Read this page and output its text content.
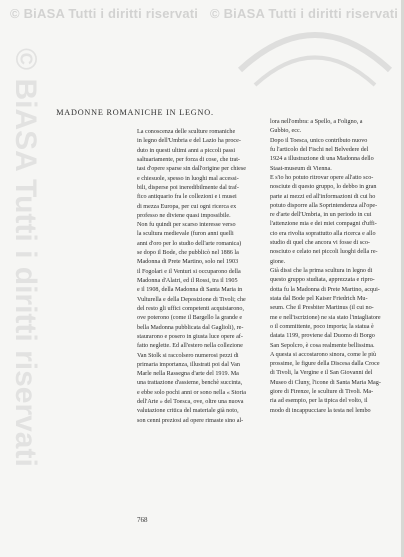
© BiASA Tutti i diritti riservati © BiASA Tutti i diritti riservati
© BiASA Tutti i diritti riservati	MADONNE ROMANICHE IN LEGNO.
La conoscenza delle sculture romaniche
in legno dell'Umbria e del Lazio ha proce-
duto in questi ultimi anni a piccoli passi
saltuariamente, per forza di cose, che trat-
tasi d'opere sparse sin dall'origine per chiese
e chiesuole, spesso in luoghi mal accessi-
bili, disperse poi ineredibilmente dal traf-
fico antiquario fra le collezioni e i musei
di mezza Europa, per cui ogni ricerca ex
professo ne diviene quasi impossibile.
Non fu quindi per scarso interesse verso
la scultura medievale (furon anni quelli
anni d'oro per lo studio dell'arte romanica)
se dopo il Bode, che pubblicò nel 1886 la
Madonna di Prete Martino, solo nel 1903
il Fogolari e il Venturi si occuparono della
Madonna d'Alatri, ed il Rossi, tra il 1905
e il 1908, della Madonna di Santa Maria in
Vulturella e della Deposizione di Tivoli; che
del resto gli uffici competenti acquistarono,
ove poterono (come il Bargello la grande e
bella Madonna pubblicata dal Gaglioli), re-
staurarono e posero in giusta luce opere af-
fatto neglette. Ed all'estero nella collezione
Van Stolk si raccolsero numerosi pezzi di
primaria importanza, illustrati poi dal Van
Marle nella Rassegna d'arte del 1919. Ma
una trattazione d'assieme, benchè succinta,
e ebbe solo pochi anni or sono nella « Storia
dell'Arte » del Toesca, ove, oltre una nuova
valutazione critica del materiale già noto,
son cenni preziosi ad opere rimaste sino al-
lora nell'ombra: a Spello, a Foligno, a
Gubbio, ecc.
Dopo il Toesca, unico contributo nuovo
fu l'articolo del Fischi nel Belvedere del
1924 a illustrazione di una Madonna dello
Staat-museum di Vienna.
E s'io ho potuto ritrovar opere all'atto sco-
nosciute di questo gruppo, lo debbo in gran
parte ai mezzi ed all'informazioni di cui ho
potuto disporre alla Soprintendenza all'ope-
re d'arte dell'Umbria, in un periodo in cui
l'attenzione mia e dei miei compagni d'uffi-
cio era rivolta soprattutto alla ricerca e allo
studio di quel che ancora vi fosse di sco-
nosciuto e celato nei piccoli luoghi della re-
gione.
Già dissi che la prima scultura in legno di
questo gruppo studiata, apprezzata e ripro-
dotta fu la Madonna di Prete Martino, acqui-
stata dal Bode pel Kaiser Friedrich Mu-
seum. Che il Presbiter Martinus (il cui no-
me e nell'iscrizione) ne sia stato l'intagliatore
o il committente, poco importa; la statua è
datata 1199, proviene dal Duomo di Borgo
San Sepolcro, è cosa realmente bellissima.
A questa si accostarono sinora, come le più
prossime, le figure della Discesa dalla Croce
di Tivoli, la Vergine e il San Giovanni del
Museo di Cluny, l'icone di Santa Maria Mag-
giore di Firenze, le sculture di Tivoli. Ma-
ria ad esempio, per la tipica del volto, il
modo di incappucciare la testa nel lembo
768
